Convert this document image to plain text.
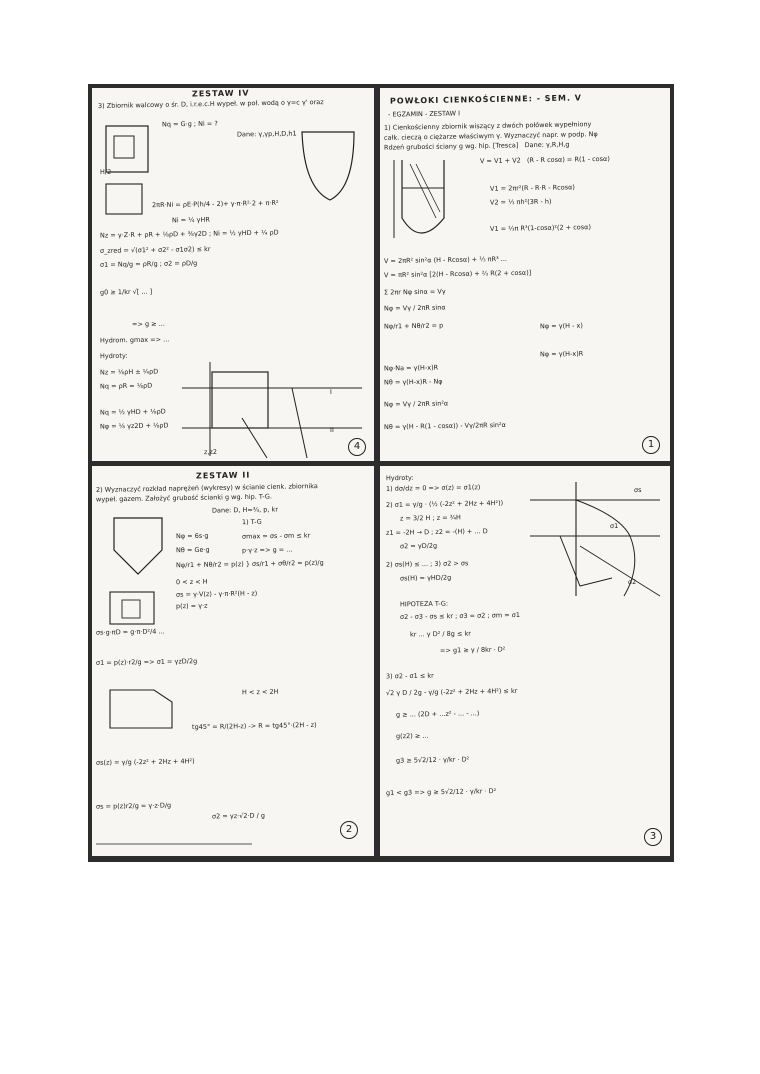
ZESTAW IV
3) Zbiornik walcowy o śr. D, i.r.e.c.H wypeł. w poł. wodą o γ=c γ' oraz
Nq = G·g ; Ni = ?
Dane: γ,γp,H,D,h1
H/2
2πR·Ni = ρE·P(h/4 - 2)+ γ·π·R²·2 + π·R²
Ni = ¼ γHR
Nz = γ·Z·R + ρR + ⅛ρD + ⅜γ2D ; Ni = ½ γHD + ¼ ρD
σ_zred = √(σ1² + σ2² - σ1σ2) ≤ kr
σ1 = Nq/g = ρR/g ; σ2 = ρD/g
g0 ≥ 1/kr √[ ... ]
=> g ≥ ...
Hydrom. gmax => ...
Hydroty:
Nz = ⅛ρH ± ¼ρD
Nq = ρR = ⅛ρD
Nq = ½ γHD + ⅛ρD
Nφ = ⅛ γz2D + ⅛ρD
I
II
z,z2	4
POWŁOKI CIENKOŚCIENNE: - SEM. V
- EGZAMIN - ZESTAW I
1) Cienkościenny zbiornik wiszący z dwóch połówek wypełniony
całk. cieczą o ciężarze właściwym γ. Wyznaczyć napr. w podp. Nφ
Rdzeń grubości ściany g wg. hip. [Tresca]   Dane: γ,R,H,g
V = V1 + V2   (R - R cosα) = R(1 - cosα)
V1 = 2πr²(R - R·R - Rcosα)
V2 = ⅓ πh²(3R - h)
V1 = ⅓π R³(1-cosα)²(2 + cosα)
V = 2πR² sin²α (H - Rcosα) + ⅓ πR³ ...
V = πR² sin²α [2(H - Rcosα) + ⅔ R(2 + cosα)]
Σ 2πr Nφ sinα = Vγ
Nφ = Vγ / 2πR sinα
Nφ/r1 + Nθ/r2 = p	Nφ = γ(H - x)
Nφ = γ(H-x)R
Nφ·Na = γ(H-x)R
Nθ = γ(H-x)R - Nφ
Nφ = Vγ / 2πR sin²α
Nθ = γ(H - R(1 - cosα)) - Vγ/2πR sin²α
1
ZESTAW II
2) Wyznaczyć rozkład naprężeń (wykresy) w ścianie cienk. zbiornika
wypeł. gazem. Założyć grubość ścianki g wg. hip. T-G.
Dane: D, H=¾, p, kr
1) T-G
Nφ = 6s·g	σmax = σs - σm ≤ kr
Nθ = Ge·g	p·γ·z => g = ...
Nφ/r1 + Nθ/r2 = p(z) } σs/r1 + σθ/r2 = p(z)/g
0 < z < H
σs = γ·V(z) - γ·π·R²(H - z)
p(z) = γ·z
σs·g·πD = g·π·D²/4 ...
σ1 = p(z)·r2/g => σ1 = γzD/2g
H < z < 2H
tg45° = R/(2H-z) -> R = tg45°·(2H - z)
σs(z) = γ/g (-2z² + 2Hz + 4H²)
σs = p(z)r2/g = γ·z·D/g
σ2 = γz·√2·D / g
2
Hydroty:
1) dσ/dz = 0 => σ(z) = σ1(z)
2) σ1 = γ/g · (½ (-2z² + 2Hz + 4H²))
z = 3/2 H ; z = ¾H
z1 = -2H → D ; z2 = -(H) + ... D
σ2 = γD/2g
2) σs(H) ≤ ... ; 3) σ2 > σs
σs(H) = γHD/2g
HIPOTEZA T-G:
σ2 - σ3 - σs ≤ kr ; σ3 = σ2 ; σm = σ1
kr ... γ D² / 8g ≤ kr
=> g1 ≥ γ / 8kr · D²
3) σ2 - σ1 ≤ kr
√2 γ D / 2g - γ/g (-2z² + 2Hz + 4H²) ≤ kr
g ≥ ... (2D + ...z² - ... - ...)
g(z2) ≥ ...
g3 ≥ 5√2/12 · γ/kr · D²
g1 < g3 => g ≥ 5√2/12 · γ/kr · D²
σ1
σ2
σs
3
